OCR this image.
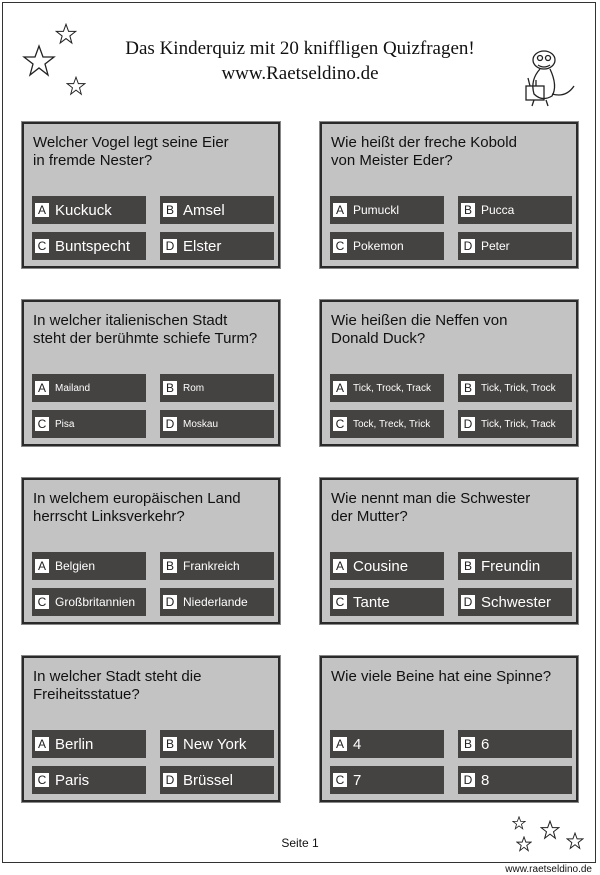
Das Kinderquiz mit 20 kniffligen Quizfragen!
www.Raetseldino.de
Welcher Vogel legt seine Eier
in fremde Nester?
A Kuckuck	B Amsel
C Buntspecht	D Elster
Wie heißt der freche Kobold
von Meister Eder?
A Pumuckl	B Pucca
C Pokemon	D Peter
In welcher italienischen Stadt
steht der berühmte schiefe Turm?
A Mailand	B Rom
C Pisa	D Moskau
Wie heißen die Neffen von
Donald Duck?
A Tick, Trock, Track	B Tick, Trick, Trock
C Tock, Treck, Trick	D Tick, Trick, Track
In welchem europäischen Land
herrscht Linksverkehr?
A Belgien	B Frankreich
C Großbritannien	D Niederlande
Wie nennt man die Schwester
der Mutter?
A Cousine	B Freundin
C Tante	D Schwester
In welcher Stadt steht die
Freiheitsstatue?
A Berlin	B New York
C Paris	D Brüssel
Wie viele Beine hat eine Spinne?
A 4	B 6
C 7	D 8
Seite 1
www.raetseldino.de
